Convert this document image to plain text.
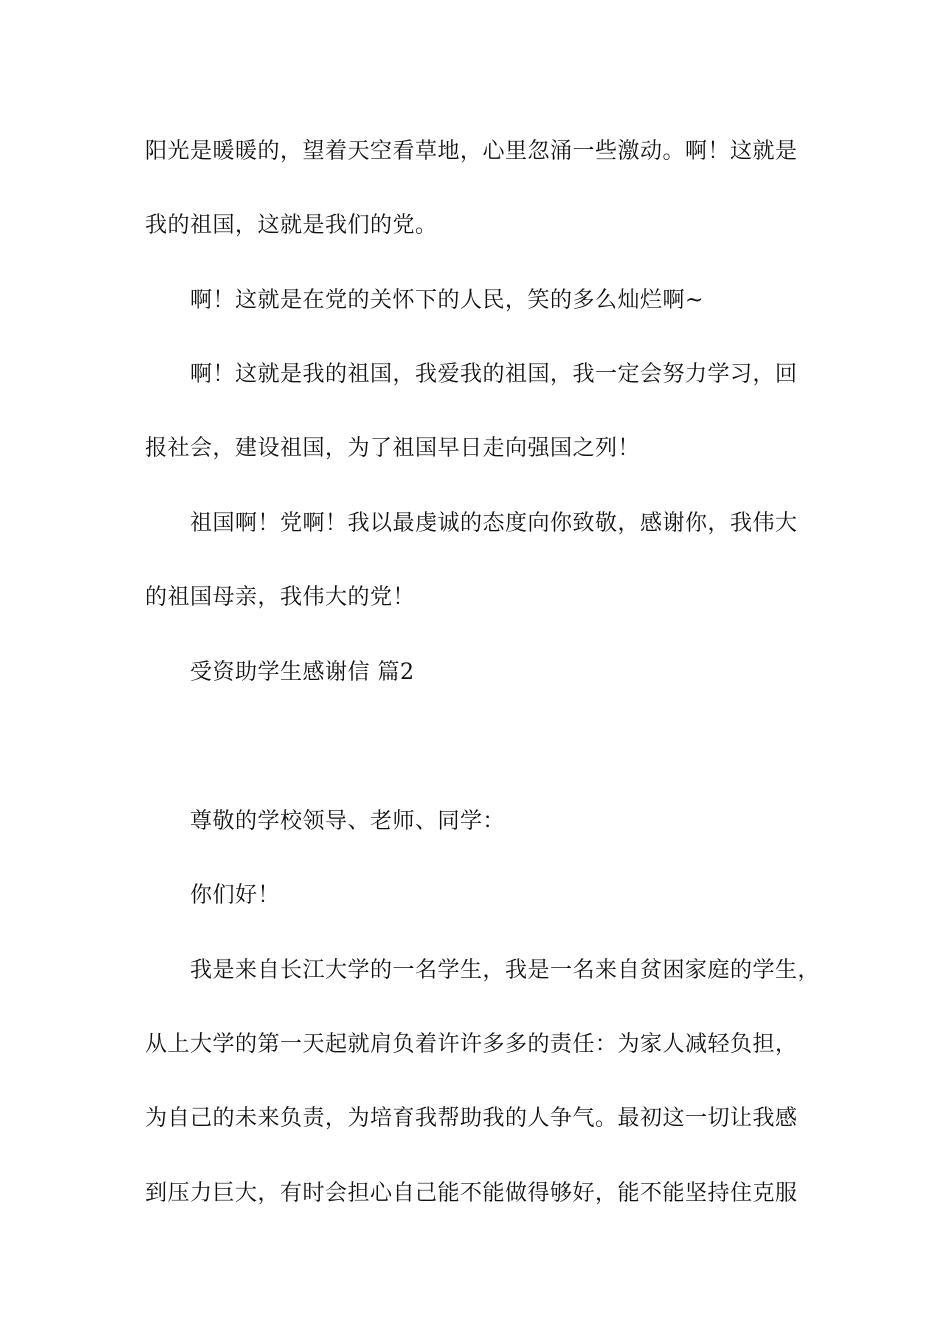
阳光是暖暖的，望着天空看草地，心里忽涌一些激动。啊！这就是
我的祖国，这就是我们的党。
啊！这就是在党的关怀下的人民，笑的多么灿烂啊~
啊！这就是我的祖国，我爱我的祖国，我一定会努力学习，回
报社会，建设祖国，为了祖国早日走向强国之列！
祖国啊！党啊！我以最虔诚的态度向你致敬，感谢你，我伟大
的祖国母亲，我伟大的党！
受资助学生感谢信 篇2
尊敬的学校领导、老师、同学：
你们好！
我是来自长江大学的一名学生，我是一名来自贫困家庭的学生，
从上大学的第一天起就肩负着许许多多的责任：为家人减轻负担，
为自己的未来负责，为培育我帮助我的人争气。最初这一切让我感
到压力巨大，有时会担心自己能不能做得够好，能不能坚持住克服
